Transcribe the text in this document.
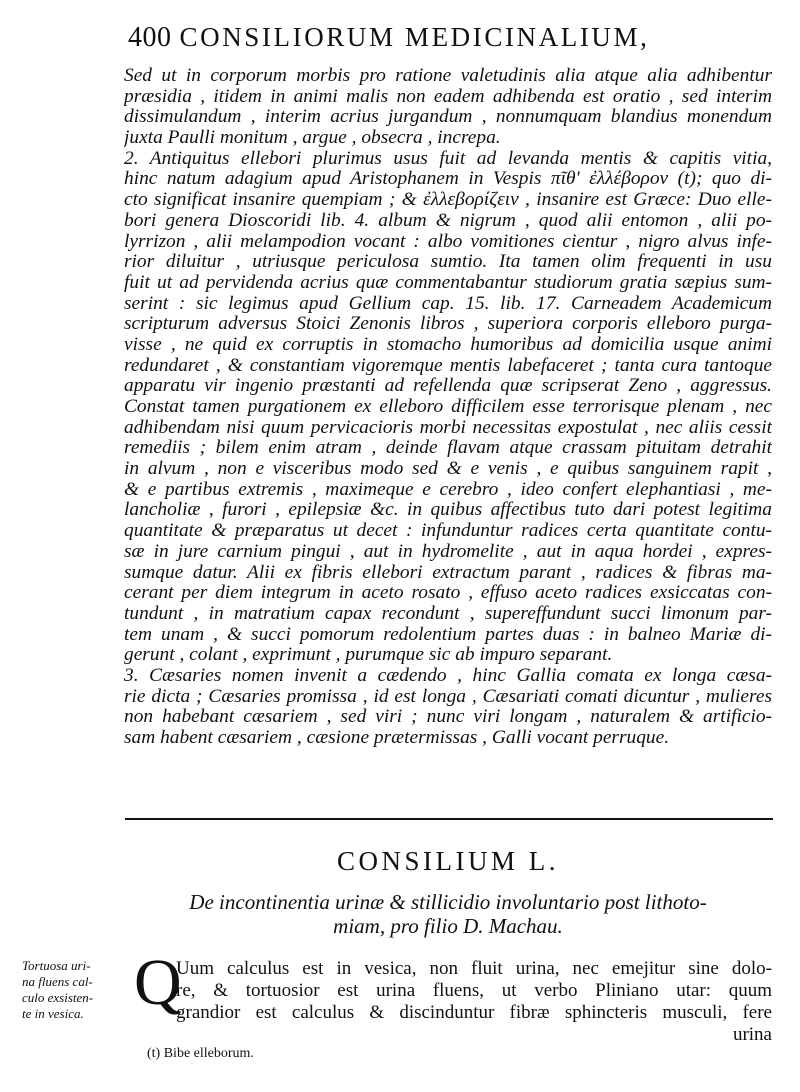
400 CONSILIORUM MEDICINALIUM,
Sed ut in corporum morbis pro ratione valetudinis alia atque alia adhibentur
præsidia , itidem in animi malis non eadem adhibenda est oratio , sed interim
dissimulandum , interim acrius jurgandum , nonnumquam blandius monendum
juxta Paulli monitum , argue , obsecra , increpa.
2. Antiquitus ellebori plurimus usus fuit ad levanda mentis & capitis vitia,
hinc natum adagium apud Aristophanem in Vespis πῖθ' ἐλλέβορον (t); quo di-
cto significat insanire quempiam ; & ἐλλεβορίζειν , insanire est Græce: Duo elle-
bori genera Dioscoridi lib. 4. album & nigrum , quod alii entomon , alii po-
lyrrizon , alii melampodion vocant : albo vomitiones cientur , nigro alvus infe-
rior diluitur , utriusque periculosa sumtio. Ita tamen olim frequenti in usu
fuit ut ad pervidenda acrius quæ commentabantur studiorum gratia sæpius sum-
serint : sic legimus apud Gellium cap. 15. lib. 17. Carneadem Academicum
scripturum adversus Stoici Zenonis libros , superiora corporis elleboro purga-
visse , ne quid ex corruptis in stomacho humoribus ad domicilia usque animi
redundaret , & constantiam vigoremque mentis labefaceret ; tanta cura tantoque
apparatu vir ingenio præstanti ad refellenda quæ scripserat Zeno , aggressus.
Constat tamen purgationem ex elleboro difficilem esse terrorisque plenam , nec
adhibendam nisi quum pervicacioris morbi necessitas expostulat , nec aliis cessit
remediis ; bilem enim atram , deinde flavam atque crassam pituitam detrahit
in alvum , non e visceribus modo sed & e venis , e quibus sanguinem rapit ,
& e partibus extremis , maximeque e cerebro , ideo confert elephantiasi , me-
lancholiæ , furori , epilepsiæ &c. in quibus affectibus tuto dari potest legitima
quantitate & præparatus ut decet : infunduntur radices certa quantitate contu-
sæ in jure carnium pingui , aut in hydromelite , aut in aqua hordei , expres-
sumque datur. Alii ex fibris ellebori extractum parant , radices & fibras ma-
cerant per diem integrum in aceto rosato , effuso aceto radices exsiccatas con-
tundunt , in matratium capax recondunt , supereffundunt succi limonum par-
tem unam , & succi pomorum redolentium partes duas : in balneo Mariæ di-
gerunt , colant , exprimunt , purumque sic ab impuro separant.
3. Cæsaries nomen invenit a cædendo , hinc Gallia comata ex longa cæsa-
rie dicta ; Cæsaries promissa , id est longa , Cæsariati comati dicuntur , mulieres
non habebant cæsariem , sed viri ; nunc viri longam , naturalem & artificio-
sam habent cæsariem , cæsione prætermissas , Galli vocant perruque.
CONSILIUM L.
De incontinentia urinæ & stillicidio involuntario post lithoto-
miam, pro filio D. Machau.
Tortuosa uri-
na fluens cal-
culo exsisten-
te in vesica. Q
Uum calculus est in vesica, non fluit urina, nec emejitur sine dolo-
re, & tortuosior est urina fluens, ut verbo Pliniano utar: quum
grandior est calculus & discinduntur fibræ sphincteris musculi, fere
urina
(t) Bibe elleborum.
